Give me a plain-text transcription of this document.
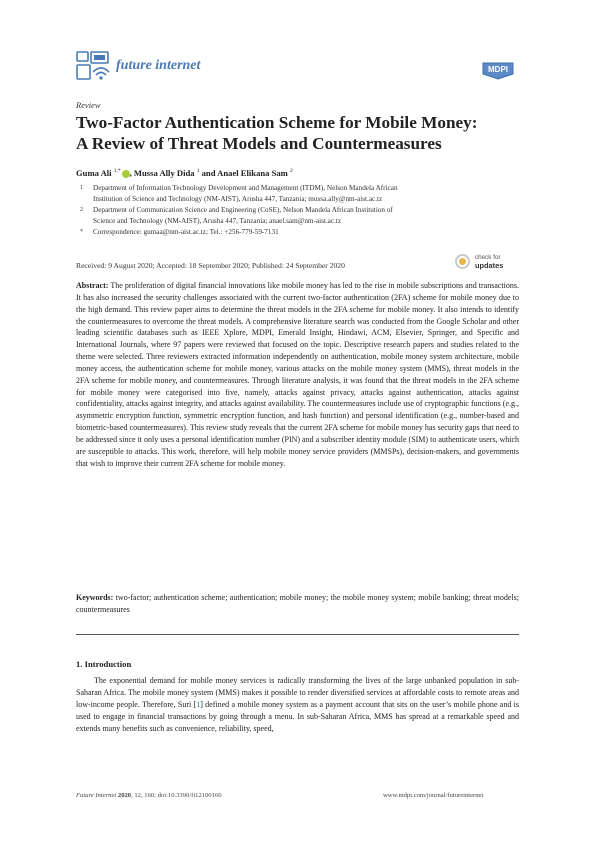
future internet	MDPI
Review
Two-Factor Authentication Scheme for Mobile Money:
A Review of Threat Models and Countermeasures
Guma Ali $^{1,*}$ , Mussa Ally Dida $^1$ and Anael Elikana Sam $^2$
1 Department of Information Technology Development and Management (ITDM), Nelson Mandela African
Institution of Science and Technology (NM-AIST), Arusha 447, Tanzania; mussa.ally@nm-aist.ac.tz
2 Department of Communication Science and Engineering (CoSE), Nelson Mandela African Institution of
Science and Technology (NM-AIST), Arusha 447, Tanzania; anael.sam@nm-aist.ac.tz
* Correspondence: gumaa@nm-aist.ac.tz; Tel.: +256-779-59-7131
Received: 9 August 2020; Accepted: 18 September 2020; Published: 24 September 2020
check for
updates
Abstract: The proliferation of digital financial innovations like mobile money has led to the rise in mobile subscriptions and transactions. It has also increased the security challenges associated with the current two-factor authentication (2FA) scheme for mobile money due to the high demand. This review paper aims to determine the threat models in the 2FA scheme for mobile money. It also intends to identify the countermeasures to overcome the threat models. A comprehensive literature search was conducted from the Google Scholar and other leading scientific databases such as IEEE Xplore, MDPI, Emerald Insight, Hindawi, ACM, Elsevier, Springer, and Specific and International Journals, where 97 papers were reviewed that focused on the topic. Descriptive research papers and studies related to the theme were selected. Three reviewers extracted information independently on authentication, mobile money system architecture, mobile money access, the authentication scheme for mobile money, various attacks on the mobile money system (MMS), threat models in the 2FA scheme for mobile money, and countermeasures. Through literature analysis, it was found that the threat models in the 2FA scheme for mobile money were categorised into five, namely, attacks against privacy, attacks against authentication, attacks against confidentiality, attacks against integrity, and attacks against availability. The countermeasures include use of cryptographic functions (e.g., asymmetric encryption function, symmetric encryption function, and hash function) and personal identification (e.g., number-based and biometric-based countermeasures). This review study reveals that the current 2FA scheme for mobile money has security gaps that need to be addressed since it only uses a personal identification number (PIN) and a subscriber identity module (SIM) to authenticate users, which are susceptible to attacks. This work, therefore, will help mobile money service providers (MMSPs), decision-makers, and governments that wish to improve their current 2FA scheme for mobile money.
Keywords: two-factor; authentication scheme; authentication; mobile money; the mobile money system; mobile banking; threat models; countermeasures
1. Introduction
The exponential demand for mobile money services is radically transforming the lives of the large unbanked population in sub-Saharan Africa. The mobile money system (MMS) makes it possible to render diversified services at affordable costs to remote areas and low-income people. Therefore, Suri [1] defined a mobile money system as a payment account that sits on the user’s mobile phone and is used to engage in financial transactions by going through a menu. In sub-Saharan Africa, MMS has spread at a remarkable speed and extends many benefits such as convenience, reliability, speed,
Future Internet 2020, 12, 160; doi:10.3390/fi12100160	www.mdpi.com/journal/futureinternet
